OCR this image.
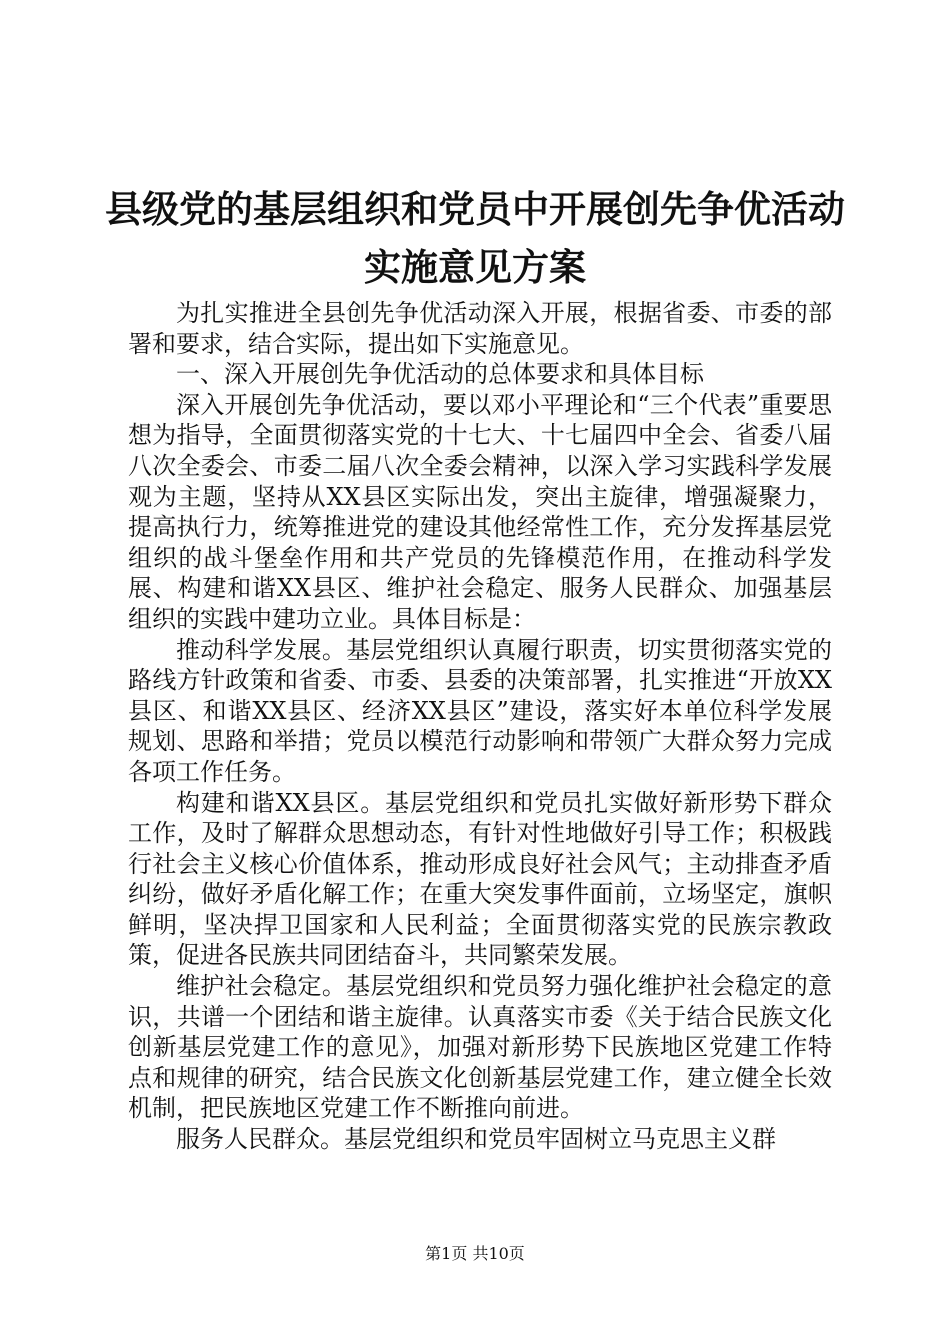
县级党的基层组织和党员中开展创先争优活动
实施意见方案

为扎实推进全县创先争优活动深入开展，根据省委、市委的部署和要求，结合实际，提出如下实施意见。

一、深入开展创先争优活动的总体要求和具体目标

深入开展创先争优活动，要以邓小平理论和“三个代表”重要思想为指导，全面贯彻落实党的十七大、十七届四中全会、省委八届八次全委会、市委二届八次全委会精神，以深入学习实践科学发展观为主题，坚持从XX县区实际出发，突出主旋律，增强凝聚力，提高执行力，统筹推进党的建设其他经常性工作，充分发挥基层党组织的战斗堡垒作用和共产党员的先锋模范作用，在推动科学发展、构建和谐XX县区、维护社会稳定、服务人民群众、加强基层组织的实践中建功立业。具体目标是：

推动科学发展。基层党组织认真履行职责，切实贯彻落实党的路线方针政策和省委、市委、县委的决策部署，扎实推进“开放XX县区、和谐XX县区、经济XX县区”建设，落实好本单位科学发展规划、思路和举措；党员以模范行动影响和带领广大群众努力完成各项工作任务。

构建和谐XX县区。基层党组织和党员扎实做好新形势下群众工作，及时了解群众思想动态，有针对性地做好引导工作；积极践行社会主义核心价值体系，推动形成良好社会风气；主动排查矛盾纠纷，做好矛盾化解工作；在重大突发事件面前，立场坚定，旗帜鲜明，坚决捍卫国家和人民利益；全面贯彻落实党的民族宗教政策，促进各民族共同团结奋斗，共同繁荣发展。

维护社会稳定。基层党组织和党员努力强化维护社会稳定的意识，共谱一个团结和谐主旋律。认真落实市委《关于结合民族文化创新基层党建工作的意见》，加强对新形势下民族地区党建工作特点和规律的研究，结合民族文化创新基层党建工作，建立健全长效机制，把民族地区党建工作不断推向前进。

服务人民群众。基层党组织和党员牢固树立马克思主义群

第1页 共10页
